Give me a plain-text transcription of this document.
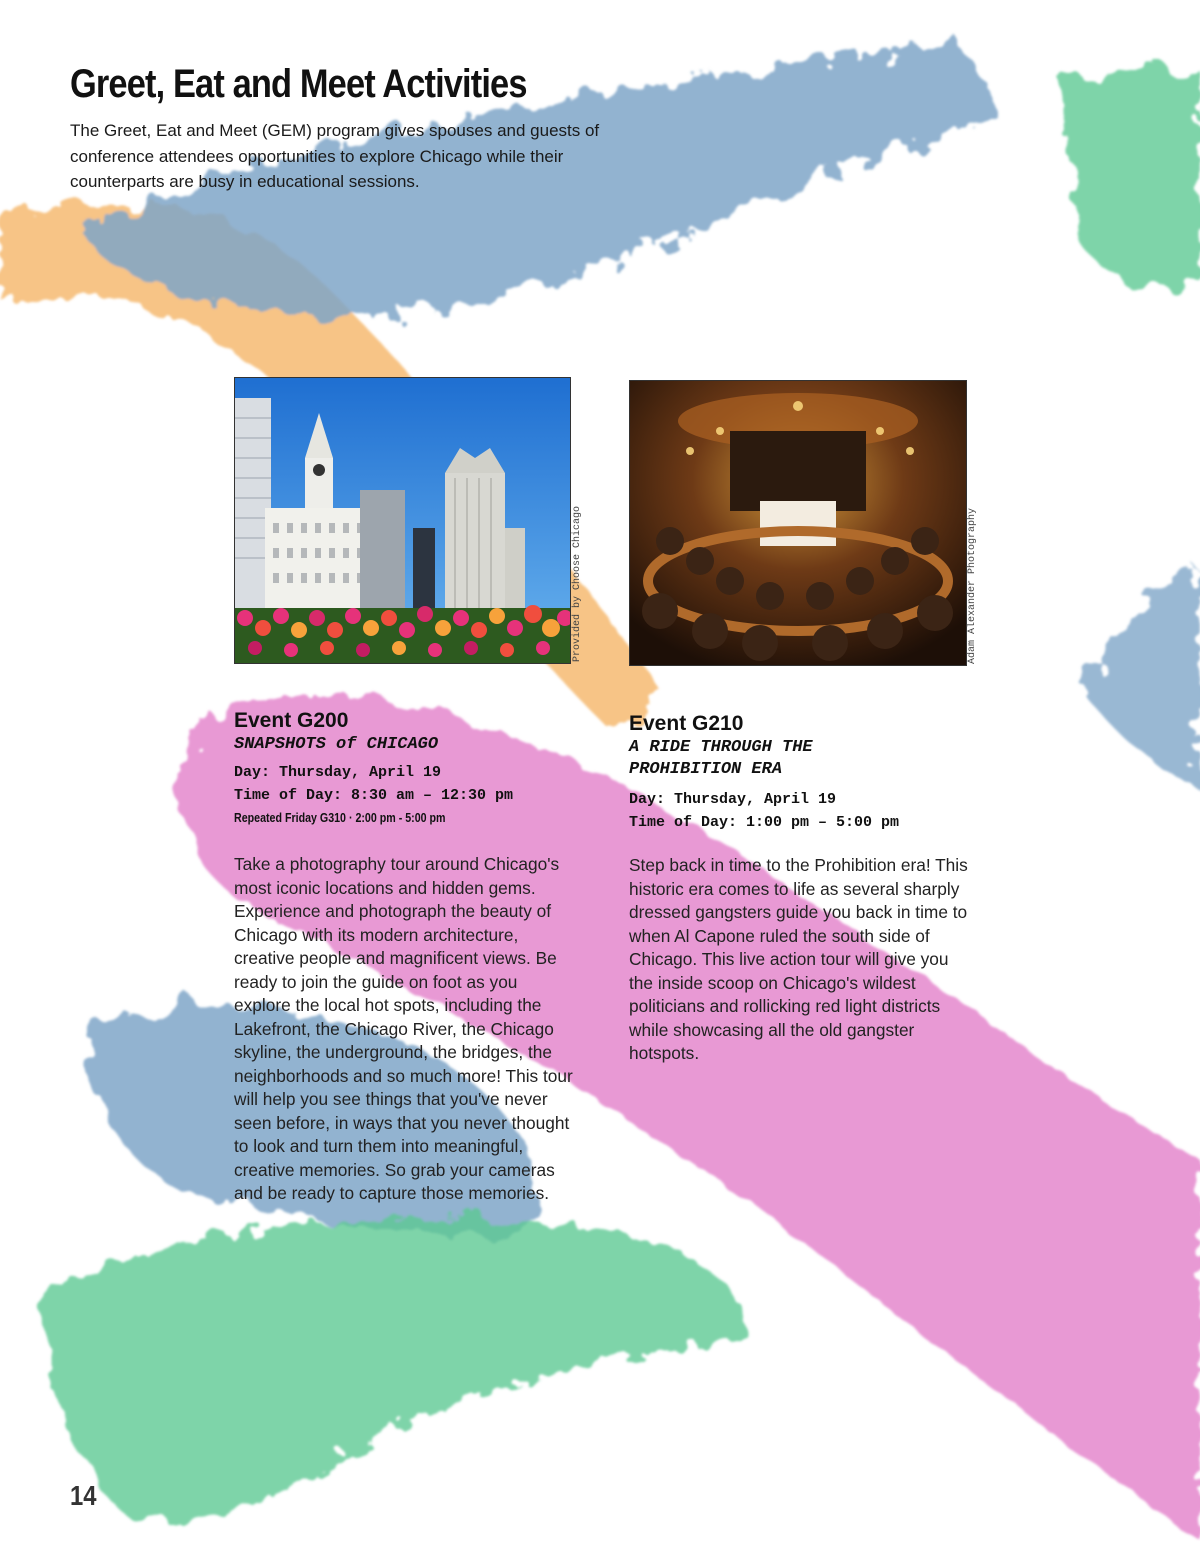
Greet, Eat and Meet Activities

The Greet, Eat and Meet (GEM) program gives spouses and guests of conference attendees opportunities to explore Chicago while their counterparts are busy in educational sessions.

Provided by Choose Chicago	Adam Alexander Photography

Event G200

SNAPSHOTS of CHICAGO

Day: Thursday, April 19

Time of Day: 8:30 am – 12:30 pm

Repeated Friday G310 · 2:00 pm - 5:00 pm

Take a photography tour around Chicago's most iconic locations and hidden gems. Experience and photograph the beauty of Chicago with its modern architecture, creative people and magnificent views. Be ready to join the guide on foot as you explore the local hot spots, including the Lakefront, the Chicago River, the Chicago skyline, the underground, the bridges, the neighborhoods and so much more! This tour will help you see things that you've never seen before, in ways that you never thought to look and turn them into meaningful, creative memories. So grab your cameras and be ready to capture those memories.

Event G210

A RIDE THROUGH THE PROHIBITION ERA

Day: Thursday, April 19

Time of Day: 1:00 pm – 5:00 pm

Step back in time to the Prohibition era! This historic era comes to life as several sharply dressed gangsters guide you back in time to when Al Capone ruled the south side of Chicago. This live action tour will give you the inside scoop on Chicago's wildest politicians and rollicking red light districts while showcasing all the old gangster hotspots.

14
